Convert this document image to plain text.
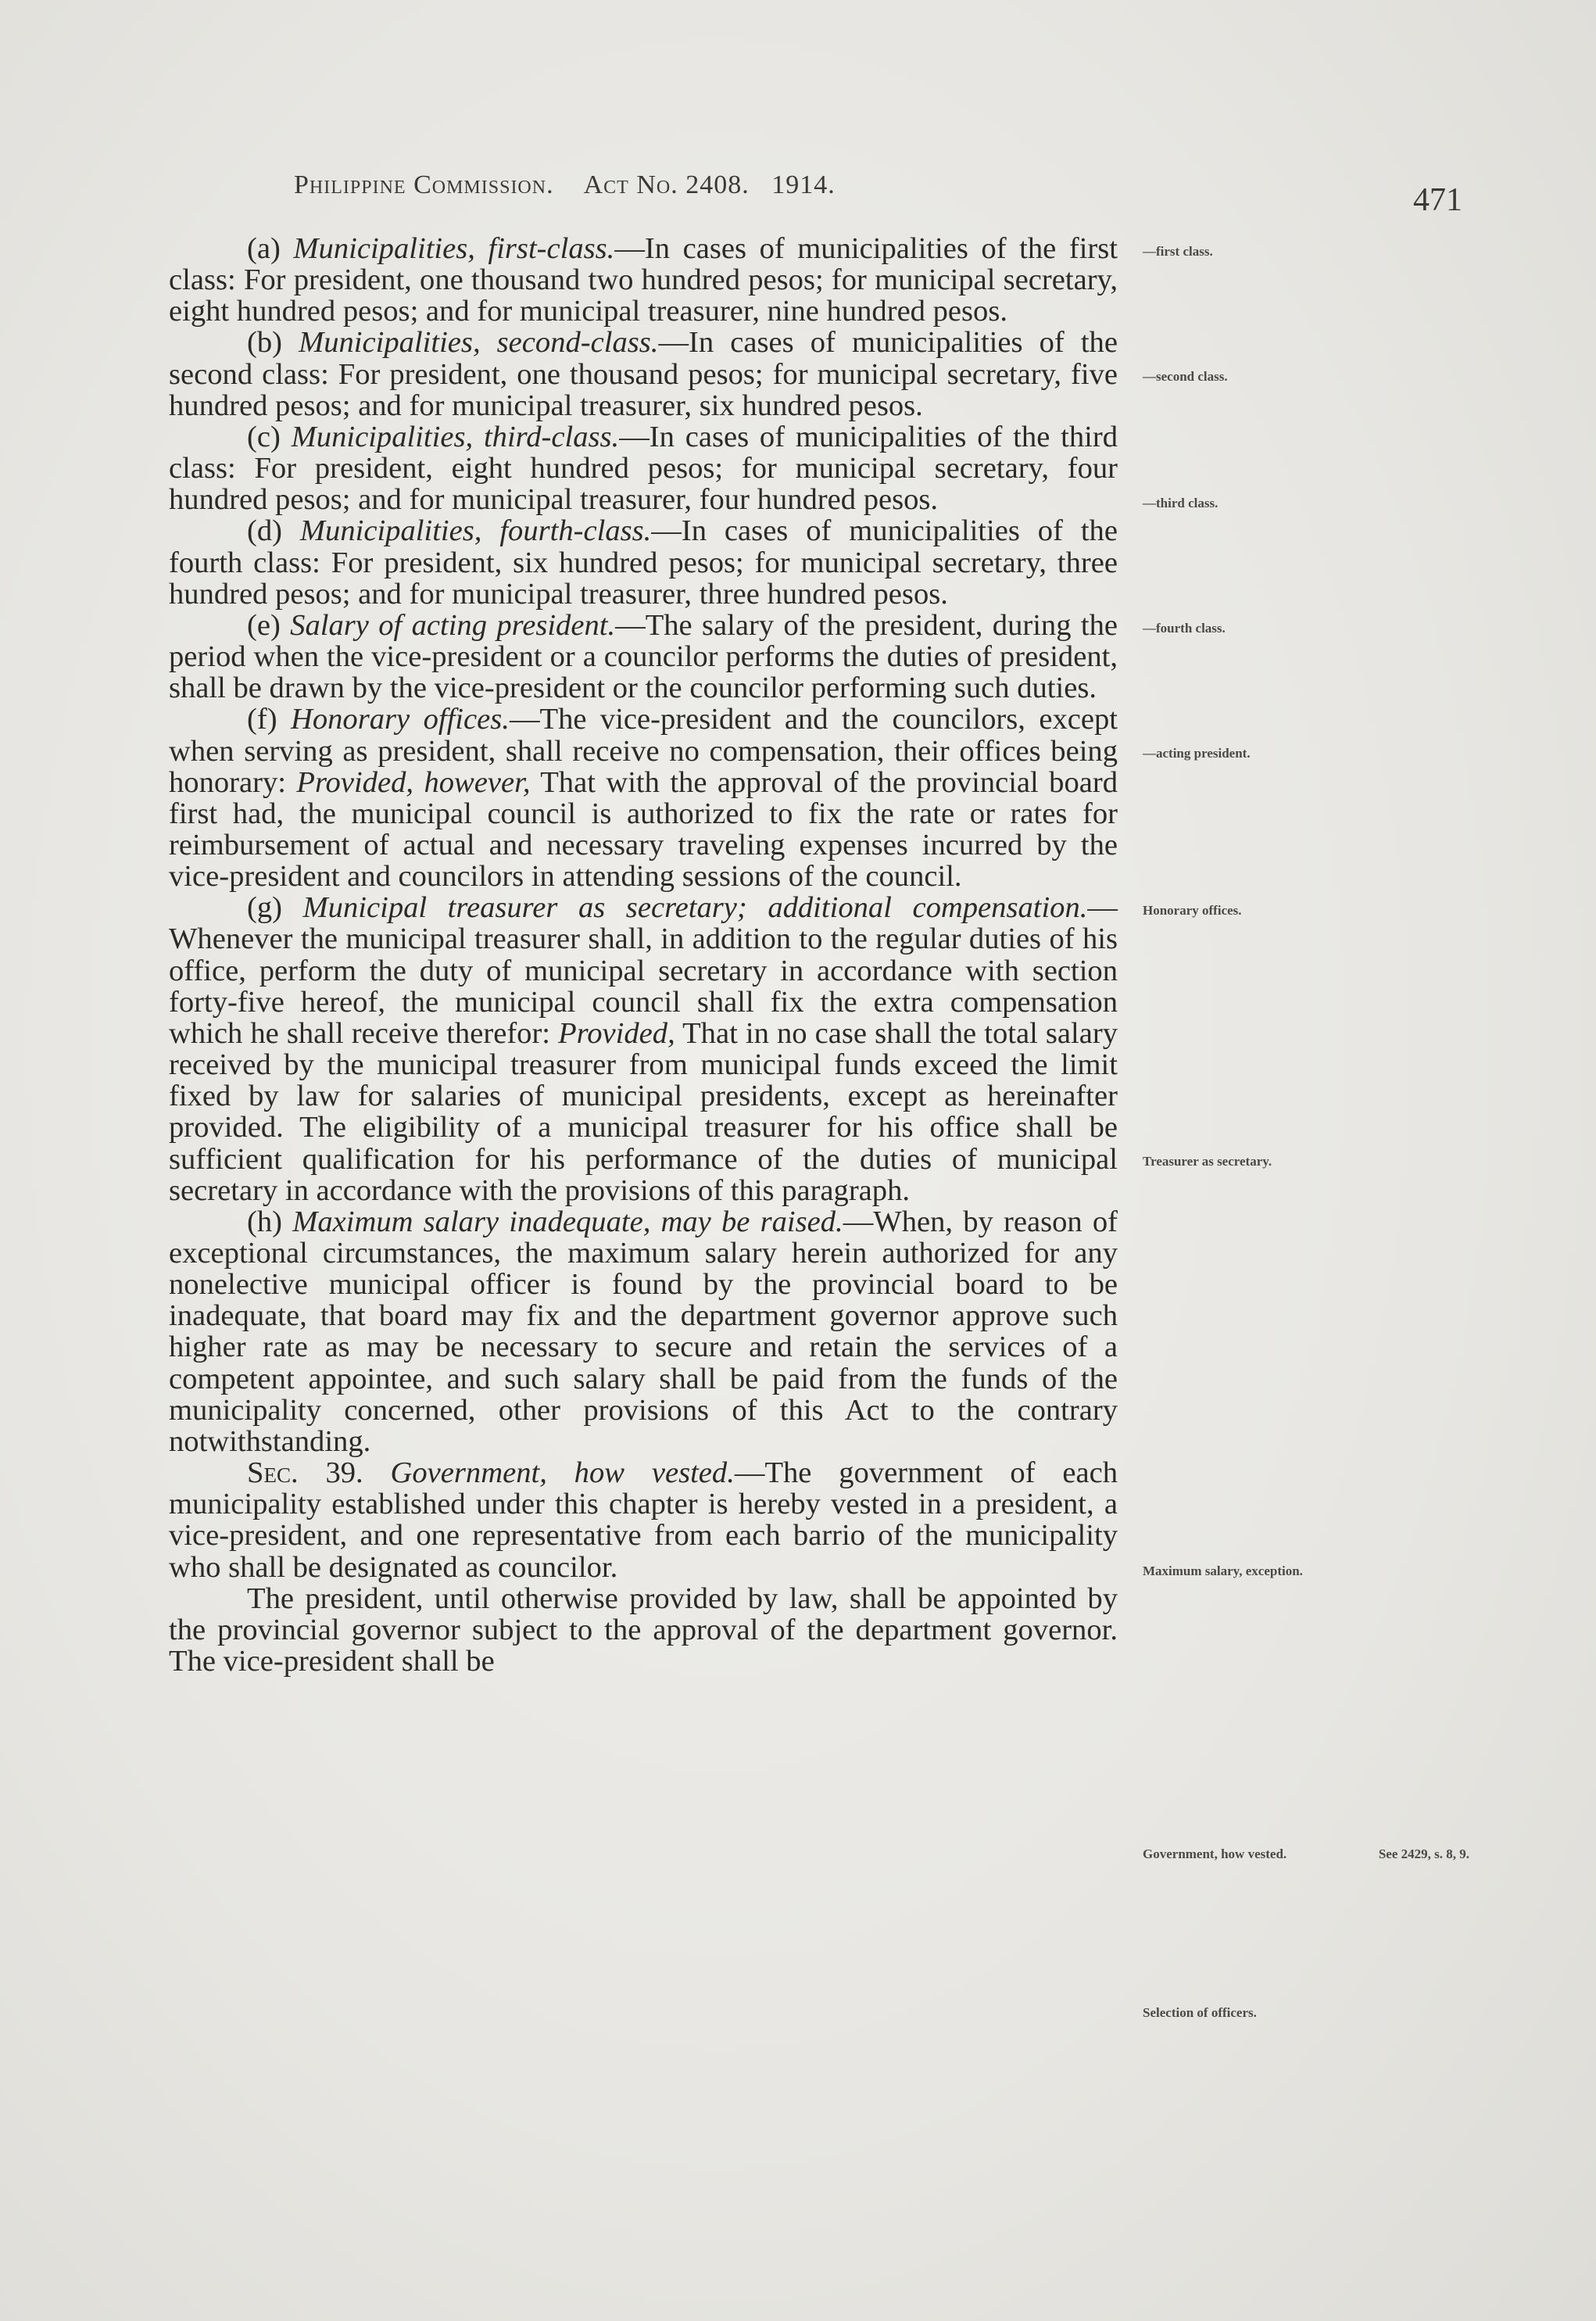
Philippine Commission. Act No. 2408. 1914.	471

(a) Municipalities, first-class.—In cases of municipalities of the first class: For president, one thousand two hundred pesos; for municipal secretary, eight hundred pesos; and for municipal treasurer, nine hundred pesos.

(b) Municipalities, second-class.—In cases of municipalities of the second class: For president, one thousand pesos; for municipal secretary, five hundred pesos; and for municipal treasurer, six hundred pesos.

(c) Municipalities, third-class.—In cases of municipalities of the third class: For president, eight hundred pesos; for municipal secretary, four hundred pesos; and for municipal treasurer, four hundred pesos.

(d) Municipalities, fourth-class.—In cases of municipalities of the fourth class: For president, six hundred pesos; for municipal secretary, three hundred pesos; and for municipal treasurer, three hundred pesos.

(e) Salary of acting president.—The salary of the president, during the period when the vice-president or a councilor performs the duties of president, shall be drawn by the vice-president or the councilor performing such duties.

(f) Honorary offices.—The vice-president and the councilors, except when serving as president, shall receive no compensation, their offices being honorary: Provided, however, That with the approval of the provincial board first had, the municipal council is authorized to fix the rate or rates for reimbursement of actual and necessary traveling expenses incurred by the vice-president and councilors in attending sessions of the council.

(g) Municipal treasurer as secretary; additional compensation.—Whenever the municipal treasurer shall, in addition to the regular duties of his office, perform the duty of municipal secretary in accordance with section forty-five hereof, the municipal council shall fix the extra compensation which he shall receive therefor: Provided, That in no case shall the total salary received by the municipal treasurer from municipal funds exceed the limit fixed by law for salaries of municipal presidents, except as hereinafter provided. The eligibility of a municipal treasurer for his office shall be sufficient qualification for his performance of the duties of municipal secretary in accordance with the provisions of this paragraph.

(h) Maximum salary inadequate, may be raised.—When, by reason of exceptional circumstances, the maximum salary herein authorized for any nonelective municipal officer is found by the provincial board to be inadequate, that board may fix and the department governor approve such higher rate as may be necessary to secure and retain the services of a competent appointee, and such salary shall be paid from the funds of the municipality concerned, other provisions of this Act to the contrary notwithstanding.

Sec. 39. Government, how vested.—The government of each municipality established under this chapter is hereby vested in a president, a vice-president, and one representative from each barrio of the municipality who shall be designated as councilor.

The president, until otherwise provided by law, shall be appointed by the provincial governor subject to the approval of the department governor. The vice-president shall be

—first class.
—second class.
—third class.
—fourth class.
—acting president.
Honorary offices.
Treasurer as secretary.
Maximum salary, exception.
Government, how vested.	See 2429, s. 8, 9.
Selection of officers.
